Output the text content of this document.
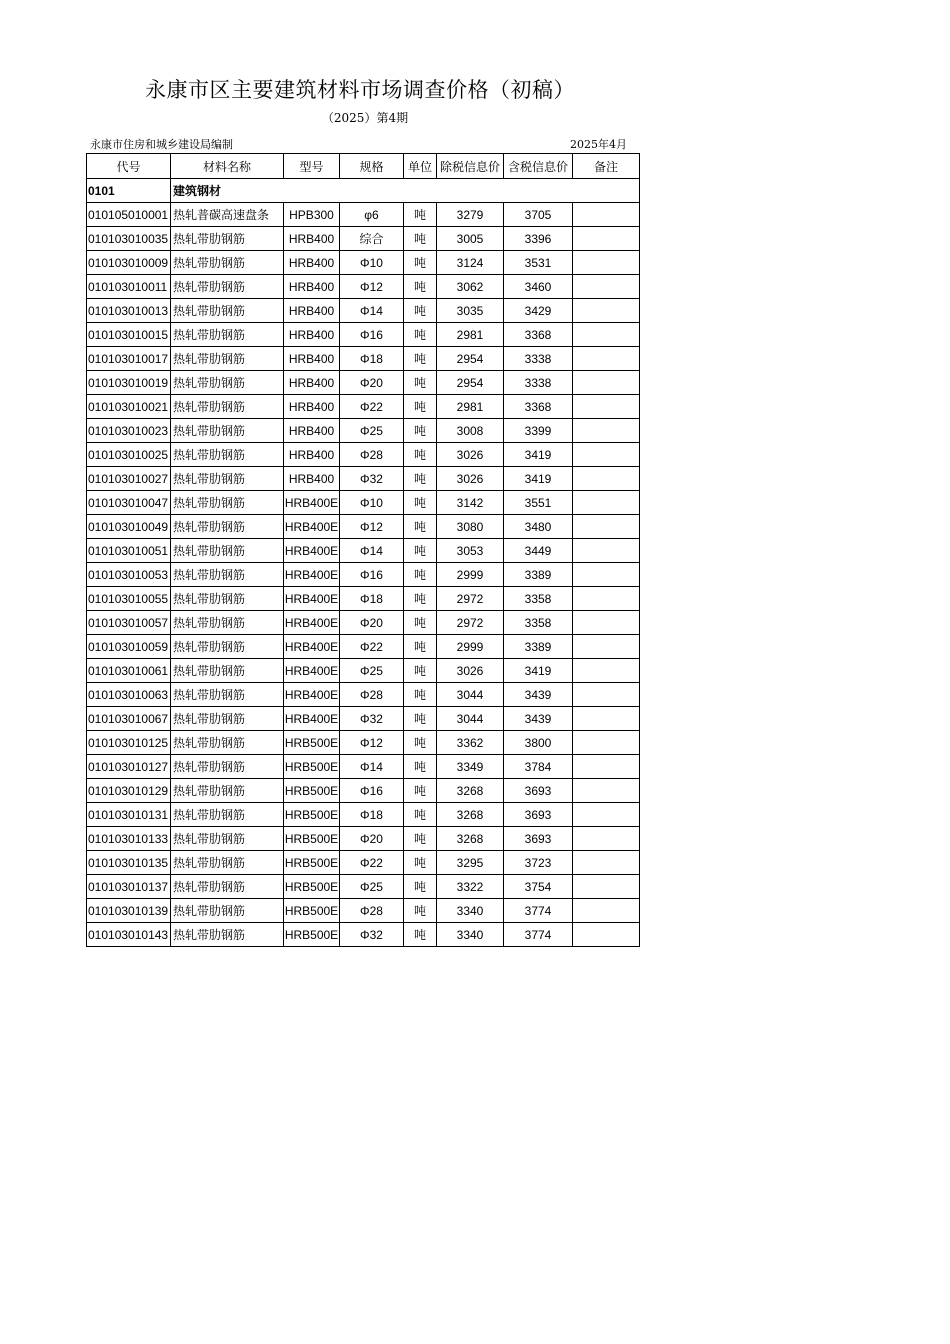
永康市区主要建筑材料市场调查价格（初稿）
（2025）第4期
永康市住房和城乡建设局编制	2025年4月
代号	材料名称	型号	规格	单位	除税信息价	含税信息价	备注
0101	建筑钢材						
010105010001	热轧普碳高速盘条	HPB300	φ6	吨	3279	3705	
010103010035	热轧带肋钢筋	HRB400	综合	吨	3005	3396	
010103010009	热轧带肋钢筋	HRB400	Φ10	吨	3124	3531	
010103010011	热轧带肋钢筋	HRB400	Φ12	吨	3062	3460	
010103010013	热轧带肋钢筋	HRB400	Φ14	吨	3035	3429	
010103010015	热轧带肋钢筋	HRB400	Φ16	吨	2981	3368	
010103010017	热轧带肋钢筋	HRB400	Φ18	吨	2954	3338	
010103010019	热轧带肋钢筋	HRB400	Φ20	吨	2954	3338	
010103010021	热轧带肋钢筋	HRB400	Φ22	吨	2981	3368	
010103010023	热轧带肋钢筋	HRB400	Φ25	吨	3008	3399	
010103010025	热轧带肋钢筋	HRB400	Φ28	吨	3026	3419	
010103010027	热轧带肋钢筋	HRB400	Φ32	吨	3026	3419	
010103010047	热轧带肋钢筋	HRB400E	Φ10	吨	3142	3551	
010103010049	热轧带肋钢筋	HRB400E	Φ12	吨	3080	3480	
010103010051	热轧带肋钢筋	HRB400E	Φ14	吨	3053	3449	
010103010053	热轧带肋钢筋	HRB400E	Φ16	吨	2999	3389	
010103010055	热轧带肋钢筋	HRB400E	Φ18	吨	2972	3358	
010103010057	热轧带肋钢筋	HRB400E	Φ20	吨	2972	3358	
010103010059	热轧带肋钢筋	HRB400E	Φ22	吨	2999	3389	
010103010061	热轧带肋钢筋	HRB400E	Φ25	吨	3026	3419	
010103010063	热轧带肋钢筋	HRB400E	Φ28	吨	3044	3439	
010103010067	热轧带肋钢筋	HRB400E	Φ32	吨	3044	3439	
010103010125	热轧带肋钢筋	HRB500E	Φ12	吨	3362	3800	
010103010127	热轧带肋钢筋	HRB500E	Φ14	吨	3349	3784	
010103010129	热轧带肋钢筋	HRB500E	Φ16	吨	3268	3693	
010103010131	热轧带肋钢筋	HRB500E	Φ18	吨	3268	3693	
010103010133	热轧带肋钢筋	HRB500E	Φ20	吨	3268	3693	
010103010135	热轧带肋钢筋	HRB500E	Φ22	吨	3295	3723	
010103010137	热轧带肋钢筋	HRB500E	Φ25	吨	3322	3754	
010103010139	热轧带肋钢筋	HRB500E	Φ28	吨	3340	3774	
010103010143	热轧带肋钢筋	HRB500E	Φ32	吨	3340	3774	
